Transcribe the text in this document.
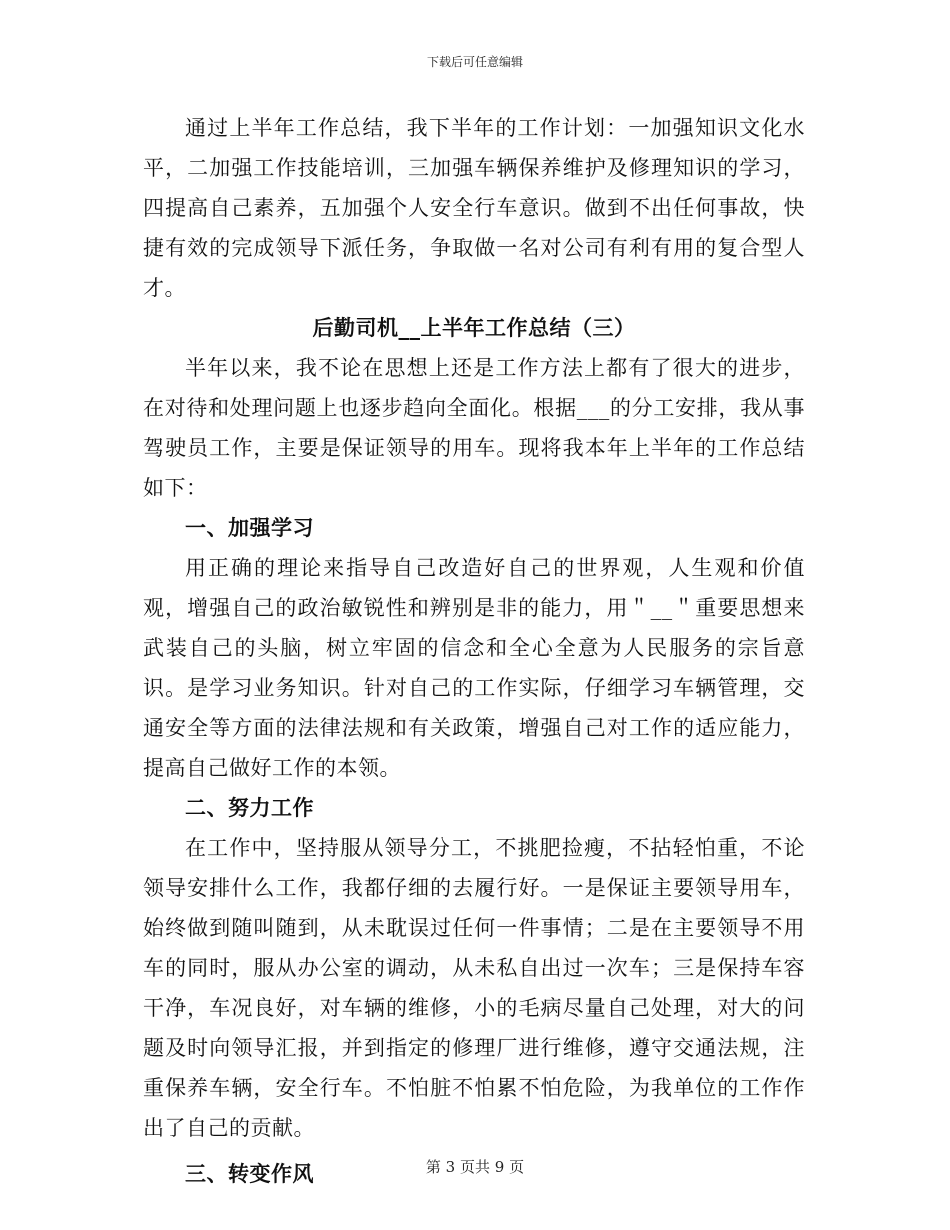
下载后可任意编辑

通过上半年工作总结，我下半年的工作计划：一加强知识文化水平，二加强工作技能培训，三加强车辆保养维护及修理知识的学习，四提高自己素养，五加强个人安全行车意识。做到不出任何事故，快捷有效的完成领导下派任务，争取做一名对公司有利有用的复合型人才。

后勤司机__上半年工作总结（三）

半年以来，我不论在思想上还是工作方法上都有了很大的进步，在对待和处理问题上也逐步趋向全面化。根据___的分工安排，我从事驾驶员工作，主要是保证领导的用车。现将我本年上半年的工作总结如下：

一、加强学习

用正确的理论来指导自己改造好自己的世界观，人生观和价值观，增强自己的政治敏锐性和辨别是非的能力，用＂__＂重要思想来武装自己的头脑，树立牢固的信念和全心全意为人民服务的宗旨意识。是学习业务知识。针对自己的工作实际，仔细学习车辆管理，交通安全等方面的法律法规和有关政策，增强自己对工作的适应能力，提高自己做好工作的本领。

二、努力工作

在工作中，坚持服从领导分工，不挑肥捡瘦，不拈轻怕重，不论领导安排什么工作，我都仔细的去履行好。一是保证主要领导用车，始终做到随叫随到，从未耽误过任何一件事情；二是在主要领导不用车的同时，服从办公室的调动，从未私自出过一次车；三是保持车容干净，车况良好，对车辆的维修，小的毛病尽量自己处理，对大的问题及时向领导汇报，并到指定的修理厂进行维修，遵守交通法规，注重保养车辆，安全行车。不怕脏不怕累不怕危险，为我单位的工作作出了自己的贡献。

三、转变作风	第 3 页共 9 页
